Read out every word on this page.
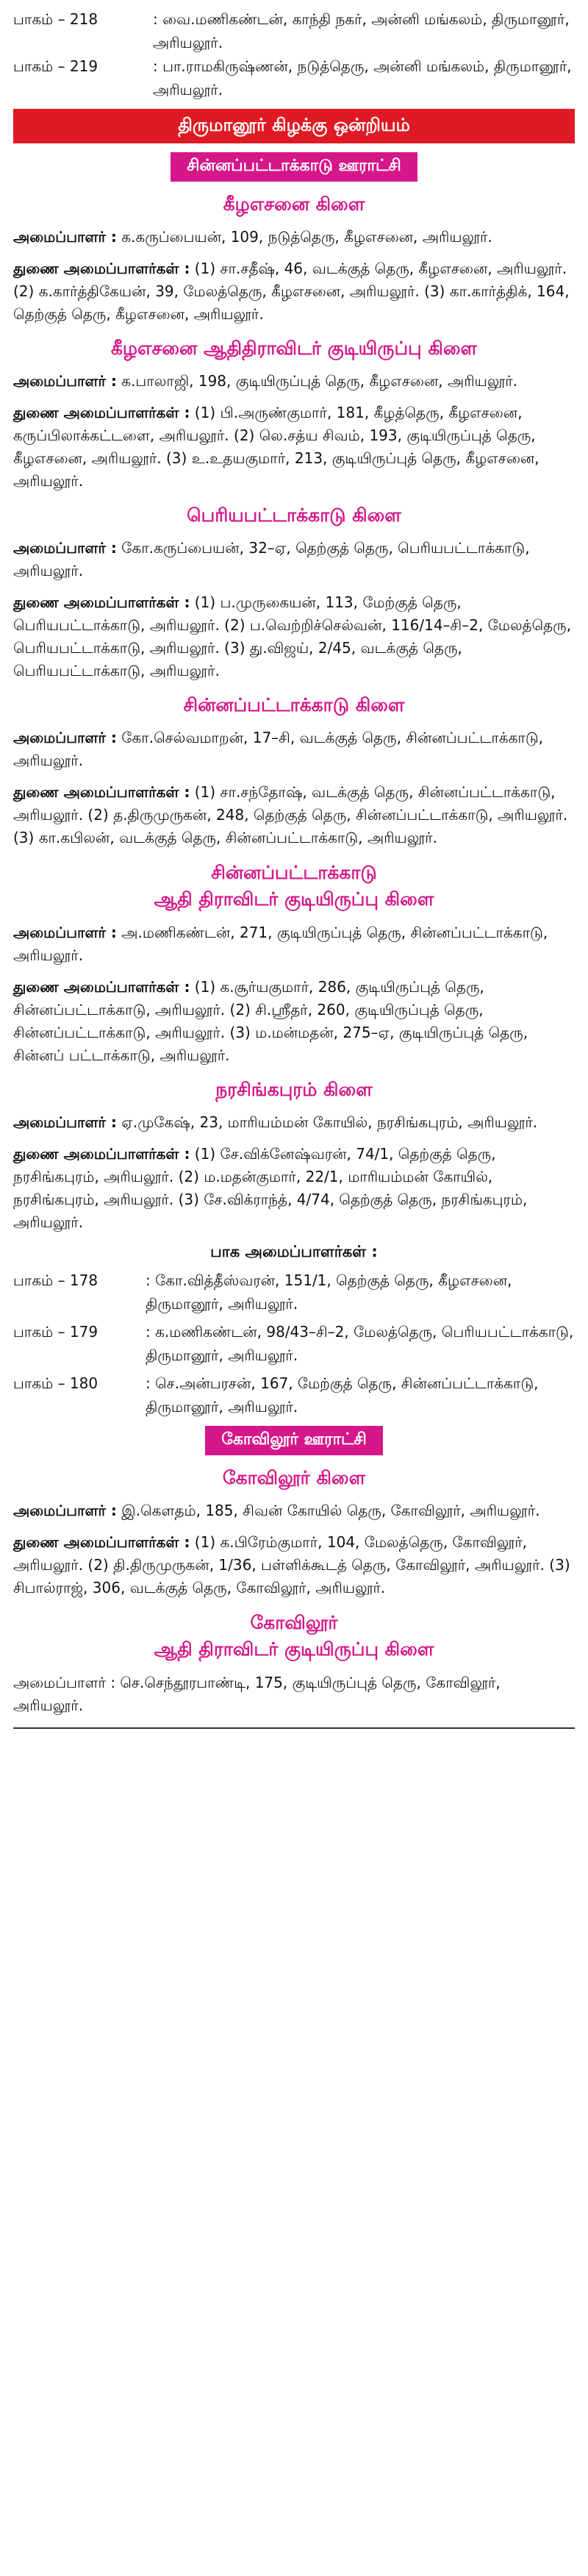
பாகம் – 218	: வை.மணிகண்டன், காந்தி நகர், அன்னி மங்கலம், திருமானூர், அரியலூர்.
பாகம் – 219	: பா.ராமகிருஷ்ணன், நடுத்தெரு, அன்னி மங்கலம், திருமானூர், அரியலூர்.
திருமானூர் கிழக்கு ஒன்றியம்
சின்னப்பட்டாக்காடு ஊராட்சி
கீழஎசனை கிளை

அமைப்பாளர் : க.கருப்பையன், 109, நடுத்தெரு, கீழஎசனை, அரியலூர்.

துணை அமைப்பாளர்கள் : (1) சா.சதீஷ், 46, வடக்குத் தெரு, கீழஎசனை, அரியலூர். (2) க.கார்த்திகேயன், 39, மேலத்தெரு, கீழஎசனை, அரியலூர். (3) கா.கார்த்திக், 164, தெற்குத் தெரு, கீழஎசனை, அரியலூர்.

கீழஎசனை ஆதிதிராவிடர் குடியிருப்பு கிளை

அமைப்பாளர் : க.பாலாஜி, 198, குடியிருப்புத் தெரு, கீழஎசனை, அரியலூர்.

துணை அமைப்பாளர்கள் : (1) பி.அருண்குமார், 181, கீழத்தெரு, கீழஎசனை, கருப்பிலாக்கட்டளை, அரியலூர். (2) லெ.சத்ய சிவம், 193, குடியிருப்புத் தெரு, கீழஎசனை, அரியலூர். (3) உ.உதயகுமார், 213, குடியிருப்புத் தெரு, கீழஎசனை, அரியலூர்.

பெரியபட்டாக்காடு கிளை

அமைப்பாளர் : கோ.கருப்பையன், 32–ஏ, தெற்குத் தெரு, பெரியபட்டாக்காடு, அரியலூர்.

துணை அமைப்பாளர்கள் : (1) ப.முருகையன், 113, மேற்குத் தெரு, பெரியபட்டாக்காடு, அரியலூர். (2) ப.வெற்றிச்செல்வன், 116/14–சி–2, மேலத்தெரு, பெரியபட்டாக்காடு, அரியலூர். (3) து.விஜய், 2/45, வடக்குத் தெரு, பெரியபட்டாக்காடு, அரியலூர்.

சின்னப்பட்டாக்காடு கிளை

அமைப்பாளர் : கோ.செல்வமாறன், 17–சி, வடக்குத் தெரு, சின்னப்பட்டாக்காடு, அரியலூர்.

துணை அமைப்பாளர்கள் : (1) சா.சந்தோஷ், வடக்குத் தெரு, சின்னப்பட்டாக்காடு, அரியலூர். (2) த.திருமுருகன், 248, தெற்குத் தெரு, சின்னப்பட்டாக்காடு, அரியலூர். (3) கா.கபிலன், வடக்குத் தெரு, சின்னப்பட்டாக்காடு, அரியலூர்.

சின்னப்பட்டாக்காடு
ஆதி திராவிடர் குடியிருப்பு கிளை

அமைப்பாளர் : அ.மணிகண்டன், 271, குடியிருப்புத் தெரு, சின்னப்பட்டாக்காடு, அரியலூர்.

துணை அமைப்பாளர்கள் : (1) க.சூர்யகுமார், 286, குடியிருப்புத் தெரு, சின்னப்பட்டாக்காடு, அரியலூர். (2) சி.ஸ்ரீதர், 260, குடியிருப்புத் தெரு, சின்னப்பட்டாக்காடு, அரியலூர். (3) ம.மன்மதன், 275–ஏ, குடியிருப்புத் தெரு, சின்னப் பட்டாக்காடு, அரியலூர்.

நரசிங்கபுரம் கிளை

அமைப்பாளர் : ஏ.முகேஷ், 23, மாரியம்மன் கோயில், நரசிங்கபுரம், அரியலூர்.

துணை அமைப்பாளர்கள் : (1) சே.விக்னேஷ்வரன், 74/1, தெற்குத் தெரு, நரசிங்கபுரம், அரியலூர். (2) ம.மதன்குமார், 22/1, மாரியம்மன் கோயில், நரசிங்கபுரம், அரியலூர். (3) சே.விக்ராந்த், 4/74, தெற்குத் தெரு, நரசிங்கபுரம், அரியலூர்.

பாக அமைப்பாளர்கள் :
பாகம் – 178	: கோ.வித்தீஸ்வரன், 151/1, தெற்குத் தெரு, கீழஎசனை, திருமானூர், அரியலூர்.
பாகம் – 179	: க.மணிகண்டன், 98/43–சி–2, மேலத்தெரு, பெரியபட்டாக்காடு, திருமானூர், அரியலூர்.
பாகம் – 180	: செ.அன்பரசன், 167, மேற்குத் தெரு, சின்னப்பட்டாக்காடு, திருமானூர், அரியலூர்.
கோவிலூர் ஊராட்சி
கோவிலூர் கிளை

அமைப்பாளர் : இ.கௌதம், 185, சிவன் கோயில் தெரு, கோவிலூர், அரியலூர்.

துணை அமைப்பாளர்கள் : (1) க.பிரேம்குமார், 104, மேலத்தெரு, கோவிலூர், அரியலூர். (2) தி.திருமுருகன், 1/36, பள்ளிக்கூடத் தெரு, கோவிலூர், அரியலூர். (3) சிபால்ராஜ், 306, வடக்குத் தெரு, கோவிலூர், அரியலூர்.

கோவிலூர்
ஆதி திராவிடர் குடியிருப்பு கிளை

அமைப்பாளர் : செ.செந்தூரபாண்டி, 175, குடியிருப்புத் தெரு, கோவிலூர், அரியலூர்.
